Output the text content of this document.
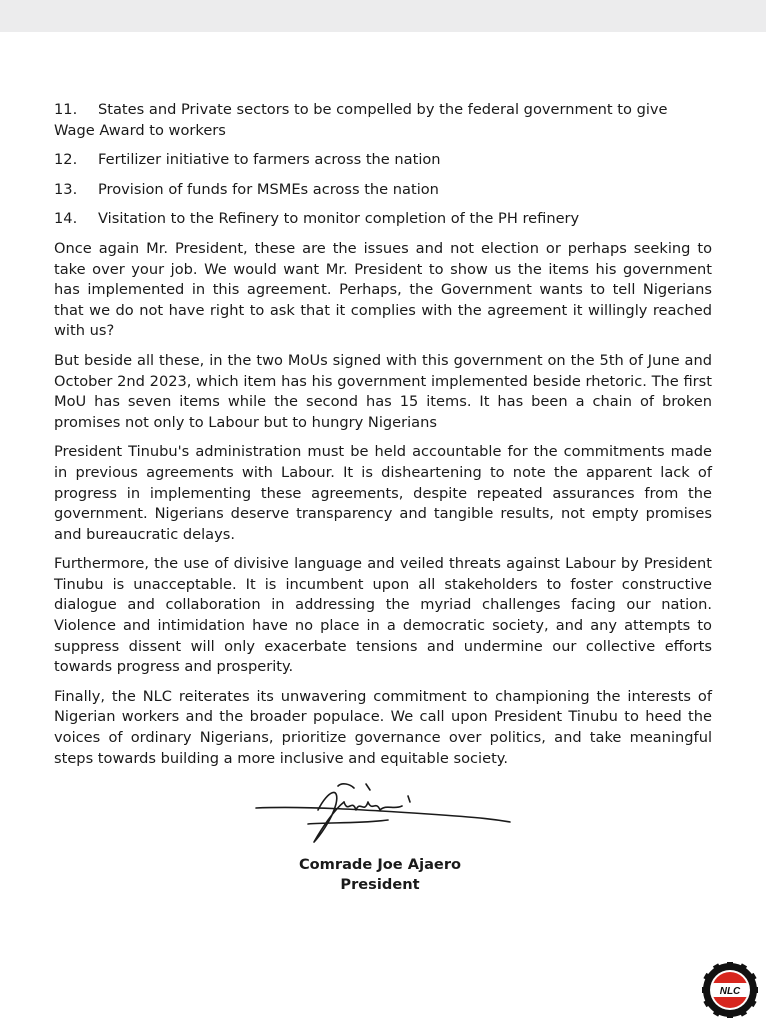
11. States and Private sectors to be compelled by the federal government to give Wage Award to workers
12. Fertilizer initiative to farmers across the nation
13. Provision of funds for MSMEs across the nation
14. Visitation to the Refinery to monitor completion of the PH refinery

Once again Mr. President, these are the issues and not election or perhaps seeking to take over your job. We would want Mr. President to show us the items his government has implemented in this agreement. Perhaps, the Government wants to tell Nigerians that we do not have right to ask that it complies with the agreement it willingly reached with us?

But beside all these, in the two MoUs signed with this government on the 5th of June and October 2nd 2023, which item has his government implemented beside rhetoric. The first MoU has seven items while the second has 15 items. It has been a chain of broken promises not only to Labour but to hungry Nigerians

President Tinubu's administration must be held accountable for the commitments made in previous agreements with Labour. It is disheartening to note the apparent lack of progress in implementing these agreements, despite repeated assurances from the government. Nigerians deserve transparency and tangible results, not empty promises and bureaucratic delays.

Furthermore, the use of divisive language and veiled threats against Labour by President Tinubu is unacceptable. It is incumbent upon all stakeholders to foster constructive dialogue and collaboration in addressing the myriad challenges facing our nation. Violence and intimidation have no place in a democratic society, and any attempts to suppress dissent will only exacerbate tensions and undermine our collective efforts towards progress and prosperity.

Finally, the NLC reiterates its unwavering commitment to championing the interests of Nigerian workers and the broader populace. We call upon President Tinubu to heed the voices of ordinary Nigerians, prioritize governance over politics, and take meaningful steps towards building a more inclusive and equitable society.

Comrade Joe Ajaero
President
NLC
